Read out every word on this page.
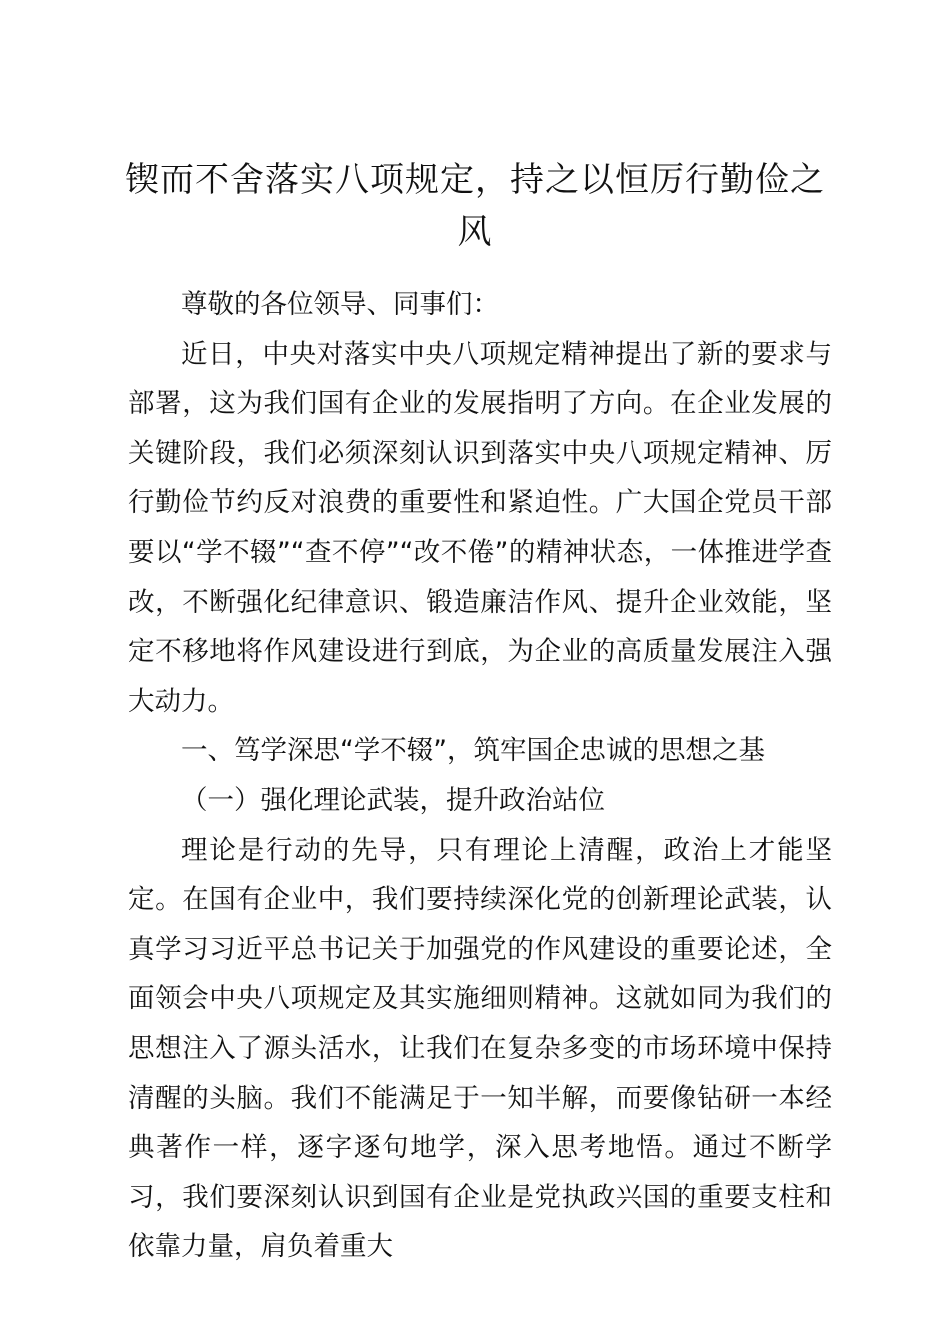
锲而不舍落实八项规定，持之以恒厉行勤俭之风

尊敬的各位领导、同事们：

近日，中央对落实中央八项规定精神提出了新的要求与部署，这为我们国有企业的发展指明了方向。在企业发展的关键阶段，我们必须深刻认识到落实中央八项规定精神、厉行勤俭节约反对浪费的重要性和紧迫性。广大国企党员干部要以“学不辍”“查不停”“改不倦”的精神状态，一体推进学查改，不断强化纪律意识、锻造廉洁作风、提升企业效能，坚定不移地将作风建设进行到底，为企业的高质量发展注入强大动力。

一、笃学深思“学不辍”，筑牢国企忠诚的思想之基

（一）强化理论武装，提升政治站位

理论是行动的先导，只有理论上清醒，政治上才能坚定。在国有企业中，我们要持续深化党的创新理论武装，认真学习习近平总书记关于加强党的作风建设的重要论述，全面领会中央八项规定及其实施细则精神。这就如同为我们的思想注入了源头活水，让我们在复杂多变的市场环境中保持清醒的头脑。我们不能满足于一知半解，而要像钻研一本经典著作一样，逐字逐句地学，深入思考地悟。通过不断学习，我们要深刻认识到国有企业是党执政兴国的重要支柱和依靠力量，肩负着重大
